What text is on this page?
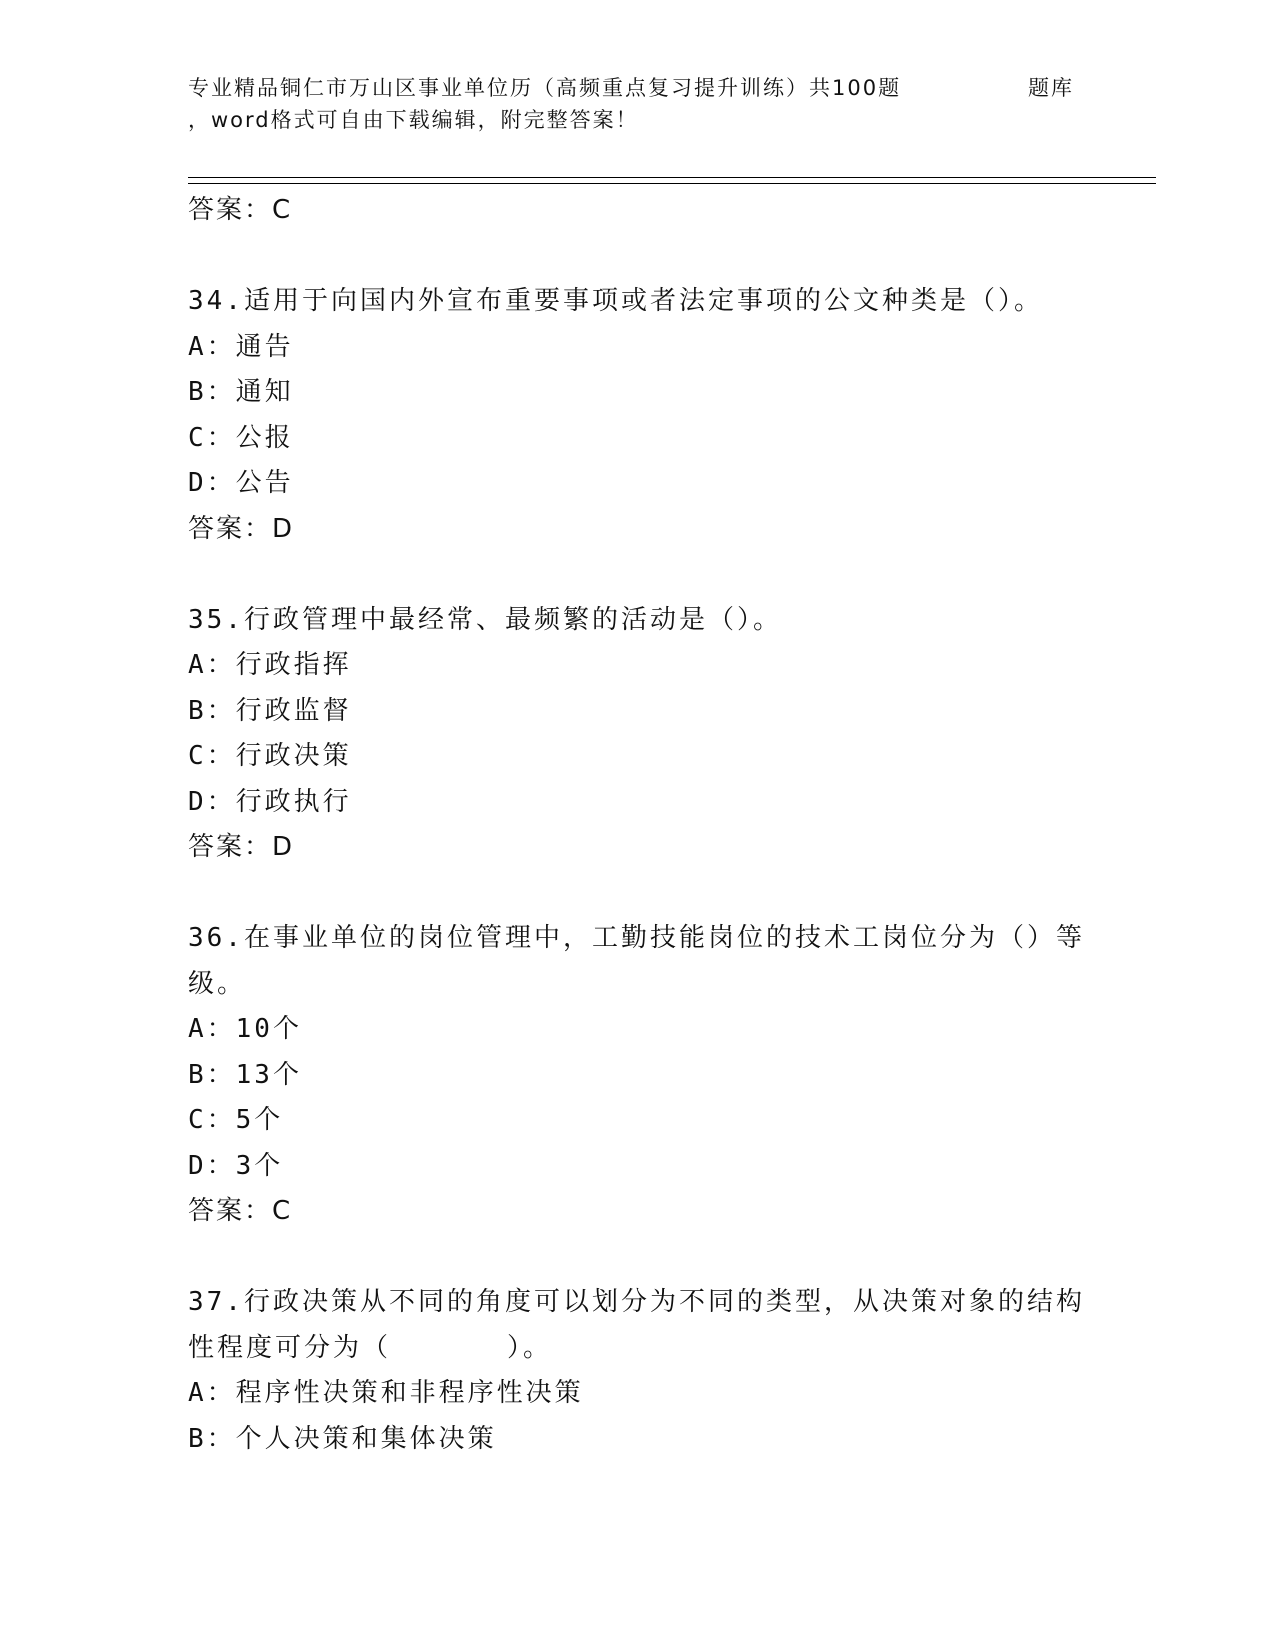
专业精品铜仁市万山区事业单位历（高频重点复习提升训练）共100题	题库
，word格式可自由下载编辑，附完整答案！
答案：C
34.适用于向国内外宣布重要事项或者法定事项的公文种类是（）。
A：通告
B：通知
C：公报
D：公告
答案：D
35.行政管理中最经常、最频繁的活动是（）。
A：行政指挥
B：行政监督
C：行政决策
D：行政执行
答案：D
36.在事业单位的岗位管理中，工勤技能岗位的技术工岗位分为（）等
级。
A：10个
B：13个
C：5个
D：3个
答案：C
37.行政决策从不同的角度可以划分为不同的类型，从决策对象的结构
性程度可分为（　　　　）。
A：程序性决策和非程序性决策
B：个人决策和集体决策
